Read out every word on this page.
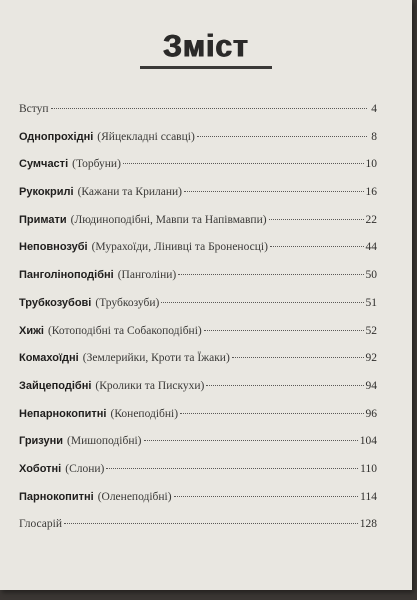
Зміст
Вступ	4
Однопрохідні (Яйцекладні ссавці)	8
Сумчасті (Торбуни)	10
Рукокрилі (Кажани та Крилани)	16
Примати (Людиноподібні, Мавпи та Напівмавпи)	22
Неповнозубі (Мурахоїди, Лінивці та Броненосці)	44
Панголіноподібні (Панголіни)	50
Трубкозубові (Трубкозуби)	51
Хижі (Котоподібні та Собакоподібні)	52
Комахоїдні (Землерийки, Кроти та Їжаки)	92
Зайцеподібні (Кролики та Пискухи)	94
Непарнокопитні (Конеподібні)	96
Гризуни (Мишоподібні)	104
Хоботні (Слони)	110
Парнокопитні (Оленеподібні)	114
Глосарій	128
